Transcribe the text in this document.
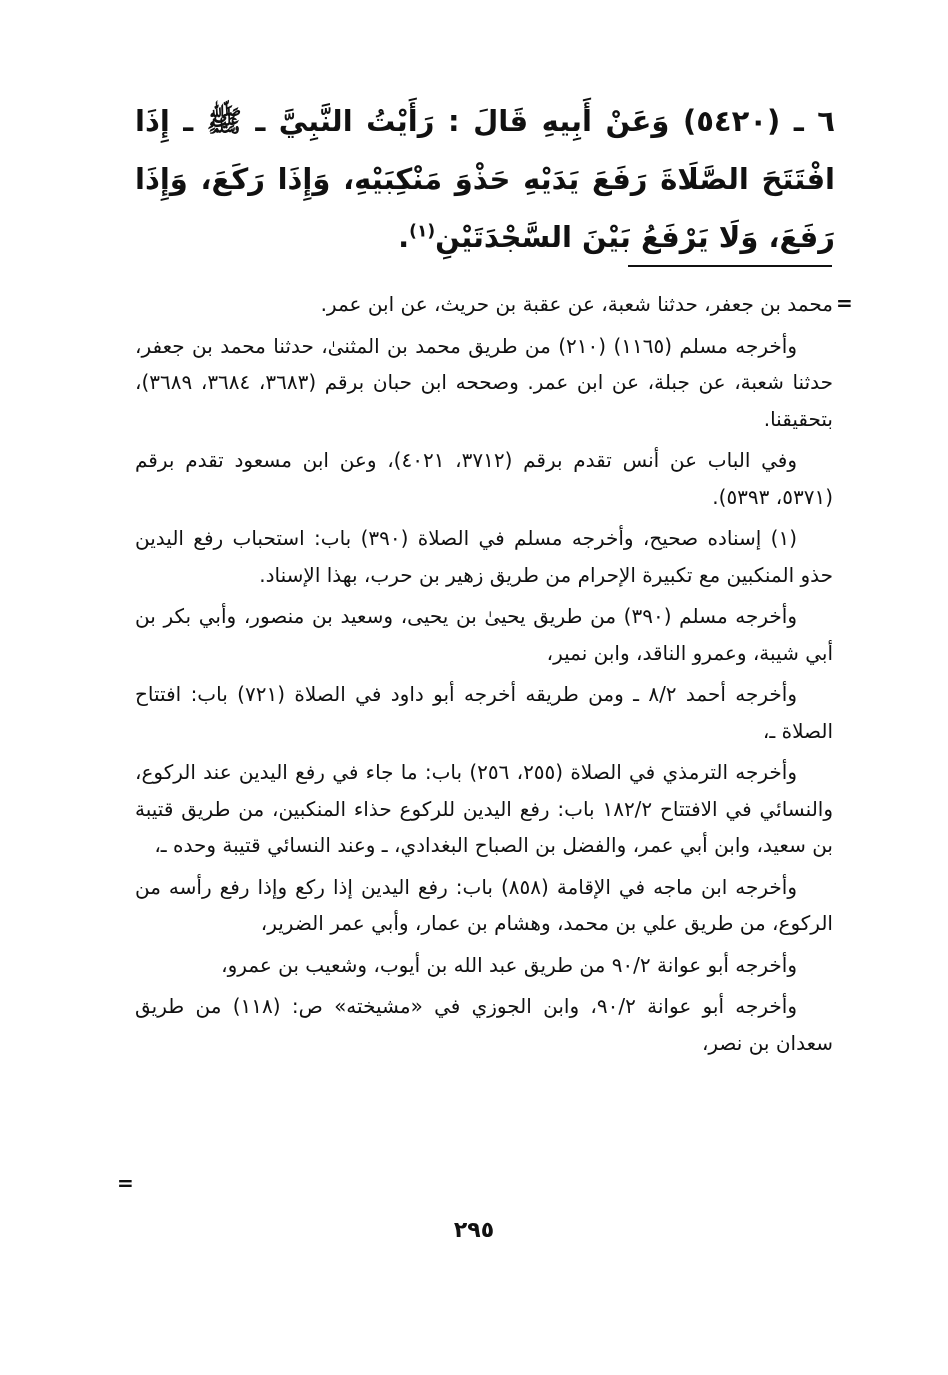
٦ ـ (٥٤٢٠) وَعَنْ أَبِيهِ قَالَ : رَأَيْتُ النَّبِيَّ ـ ﷺ ـ إِذَا افْتَتَحَ الصَّلَاةَ رَفَعَ يَدَيْهِ حَذْوَ مَنْكِبَيْهِ، وَإِذَا رَكَعَ، وَإِذَا رَفَعَ، وَلَا يَرْفَعُ بَيْنَ السَّجْدَتَيْنِ$^{(١)}$.
=

محمد بن جعفر، حدثنا شعبة، عن عقبة بن حريث، عن ابن عمر.

وأخرجه مسلم (١١٦٥) (٢١٠) من طريق محمد بن المثنىٰ، حدثنا محمد بن جعفر، حدثنا شعبة، عن جبلة، عن ابن عمر. وصححه ابن حبان برقم (٣٦٨٣، ٣٦٨٤، ٣٦٨٩)، بتحقيقنا.

وفي الباب عن أنس تقدم برقم (٣٧١٢، ٤٠٢١)، وعن ابن مسعود تقدم برقم (٥٣٧١، ٥٣٩٣).

(١) إسناده صحيح، وأخرجه مسلم في الصلاة (٣٩٠) باب: استحباب رفع اليدين حذو المنكبين مع تكبيرة الإحرام من طريق زهير بن حرب، بهذا الإسناد.

وأخرجه مسلم (٣٩٠) من طريق يحيىٰ بن يحيى، وسعيد بن منصور، وأبي بكر بن أبي شيبة، وعمرو الناقد، وابن نمير،

وأخرجه أحمد ٨/٢ ـ ومن طريقه أخرجه أبو داود في الصلاة (٧٢١) باب: افتتاح الصلاة ـ،

وأخرجه الترمذي في الصلاة (٢٥٥، ٢٥٦) باب: ما جاء في رفع اليدين عند الركوع، والنسائي في الافتتاح ١٨٢/٢ باب: رفع اليدين للركوع حذاء المنكبين، من طريق قتيبة بن سعيد، وابن أبي عمر، والفضل بن الصباح البغدادي، ـ وعند النسائي قتيبة وحده ـ،

وأخرجه ابن ماجه في الإقامة (٨٥٨) باب: رفع اليدين إذا ركع وإذا رفع رأسه من الركوع، من طريق علي بن محمد، وهشام بن عمار، وأبي عمر الضرير،

وأخرجه أبو عوانة ٩٠/٢ من طريق عبد الله بن أيوب، وشعيب بن عمرو،

وأخرجه أبو عوانة ٩٠/٢، وابن الجوزي في «مشيخته» ص: (١١٨) من طريق سعدان بن نصر،

=
٢٩٥
